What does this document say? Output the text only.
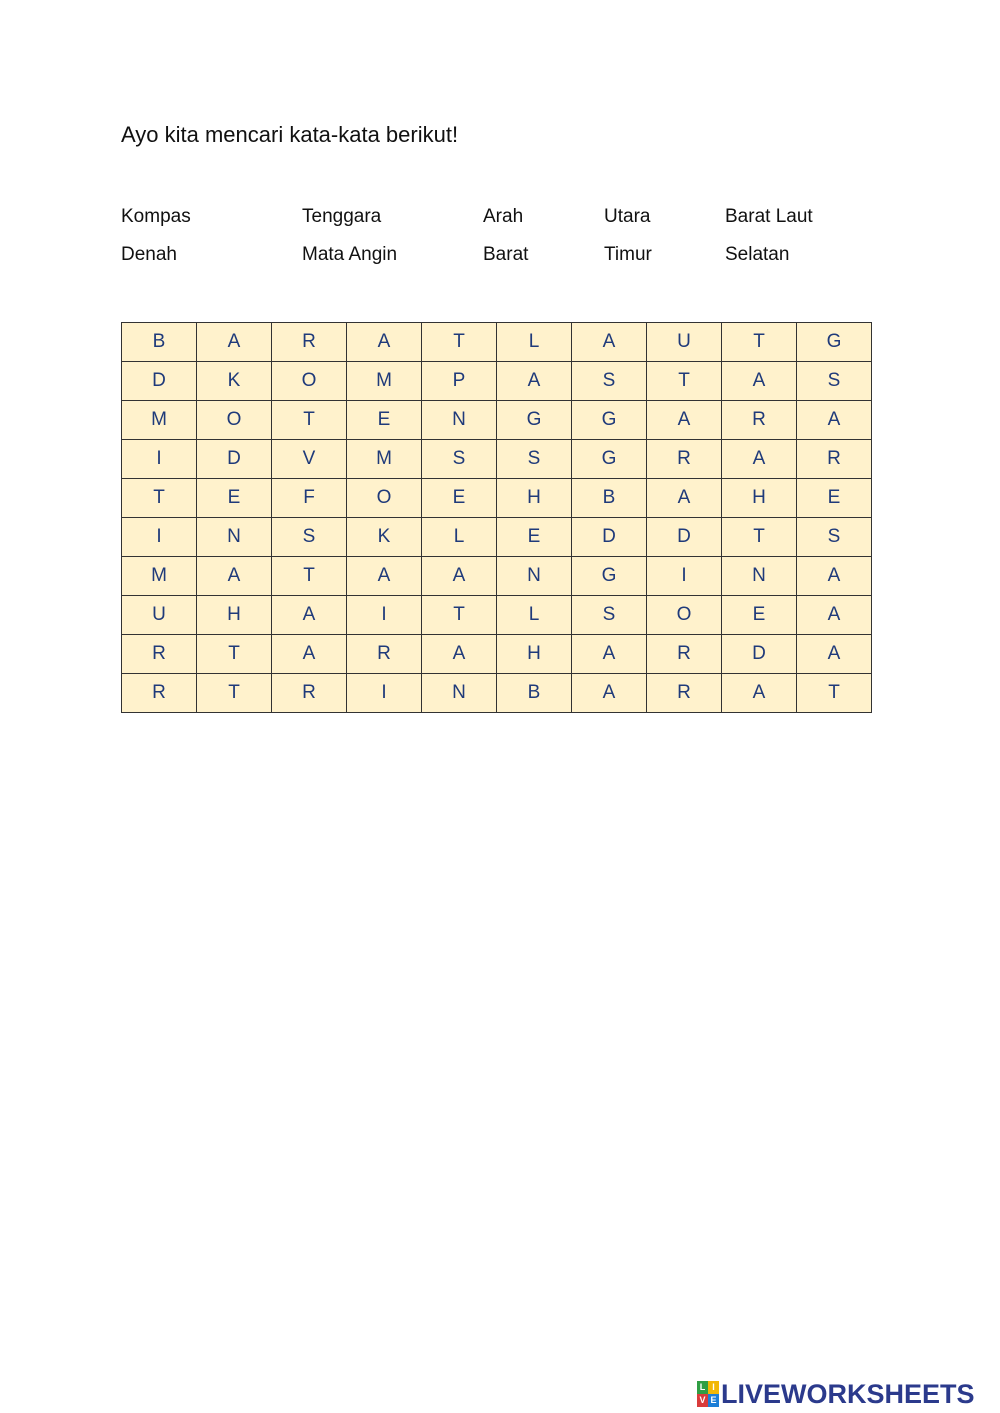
Ayo kita mencari kata-kata berikut!
Kompas	Tenggara	Arah	Utara	Barat Laut
Denah	Mata Angin	Barat	Timur	Selatan
B	A	R	A	T	L	A	U	T	G
D	K	O	M	P	A	S	T	A	S
M	O	T	E	N	G	G	A	R	A
I	D	V	M	S	S	G	R	A	R
T	E	F	O	E	H	B	A	H	E
I	N	S	K	L	E	D	D	T	S
M	A	T	A	A	N	G	I	N	A
U	H	A	I	T	L	S	O	E	A
R	T	A	R	A	H	A	R	D	A
R	T	R	I	N	B	A	R	A	T
L I
V E LIVEWORKSHEETS
